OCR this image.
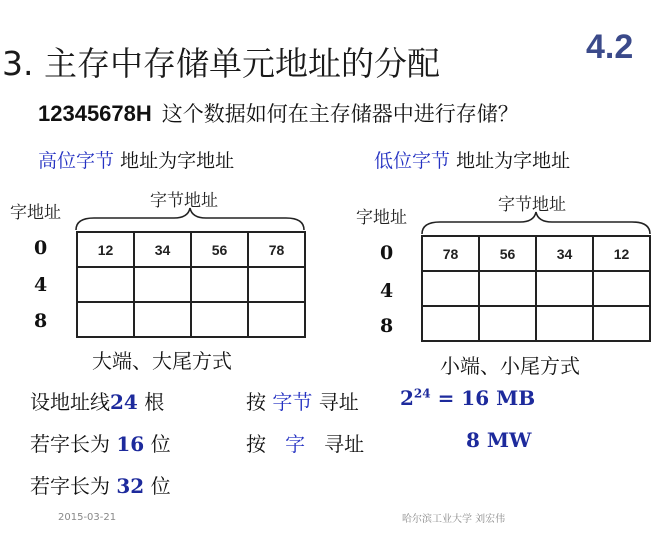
3. 主存中存储单元地址的分配	4.2
12345678H 这个数据如何在主存储器中进行存储？
高位字节 地址为字地址	低位字节 地址为字地址
字地址
字节地址
0
4
8
12	34	56	78

大端、大尾方式
字地址
字节地址
0
4
8
78	56	34	12

小端、小尾方式
设地址线24 根
若字长为 16 位
若字长为 32 位
按 字节 寻址 $2^{24} = 16$ MB
按 字 寻址	8 MW
2015-03-21	哈尔滨工业大学 刘宏伟
